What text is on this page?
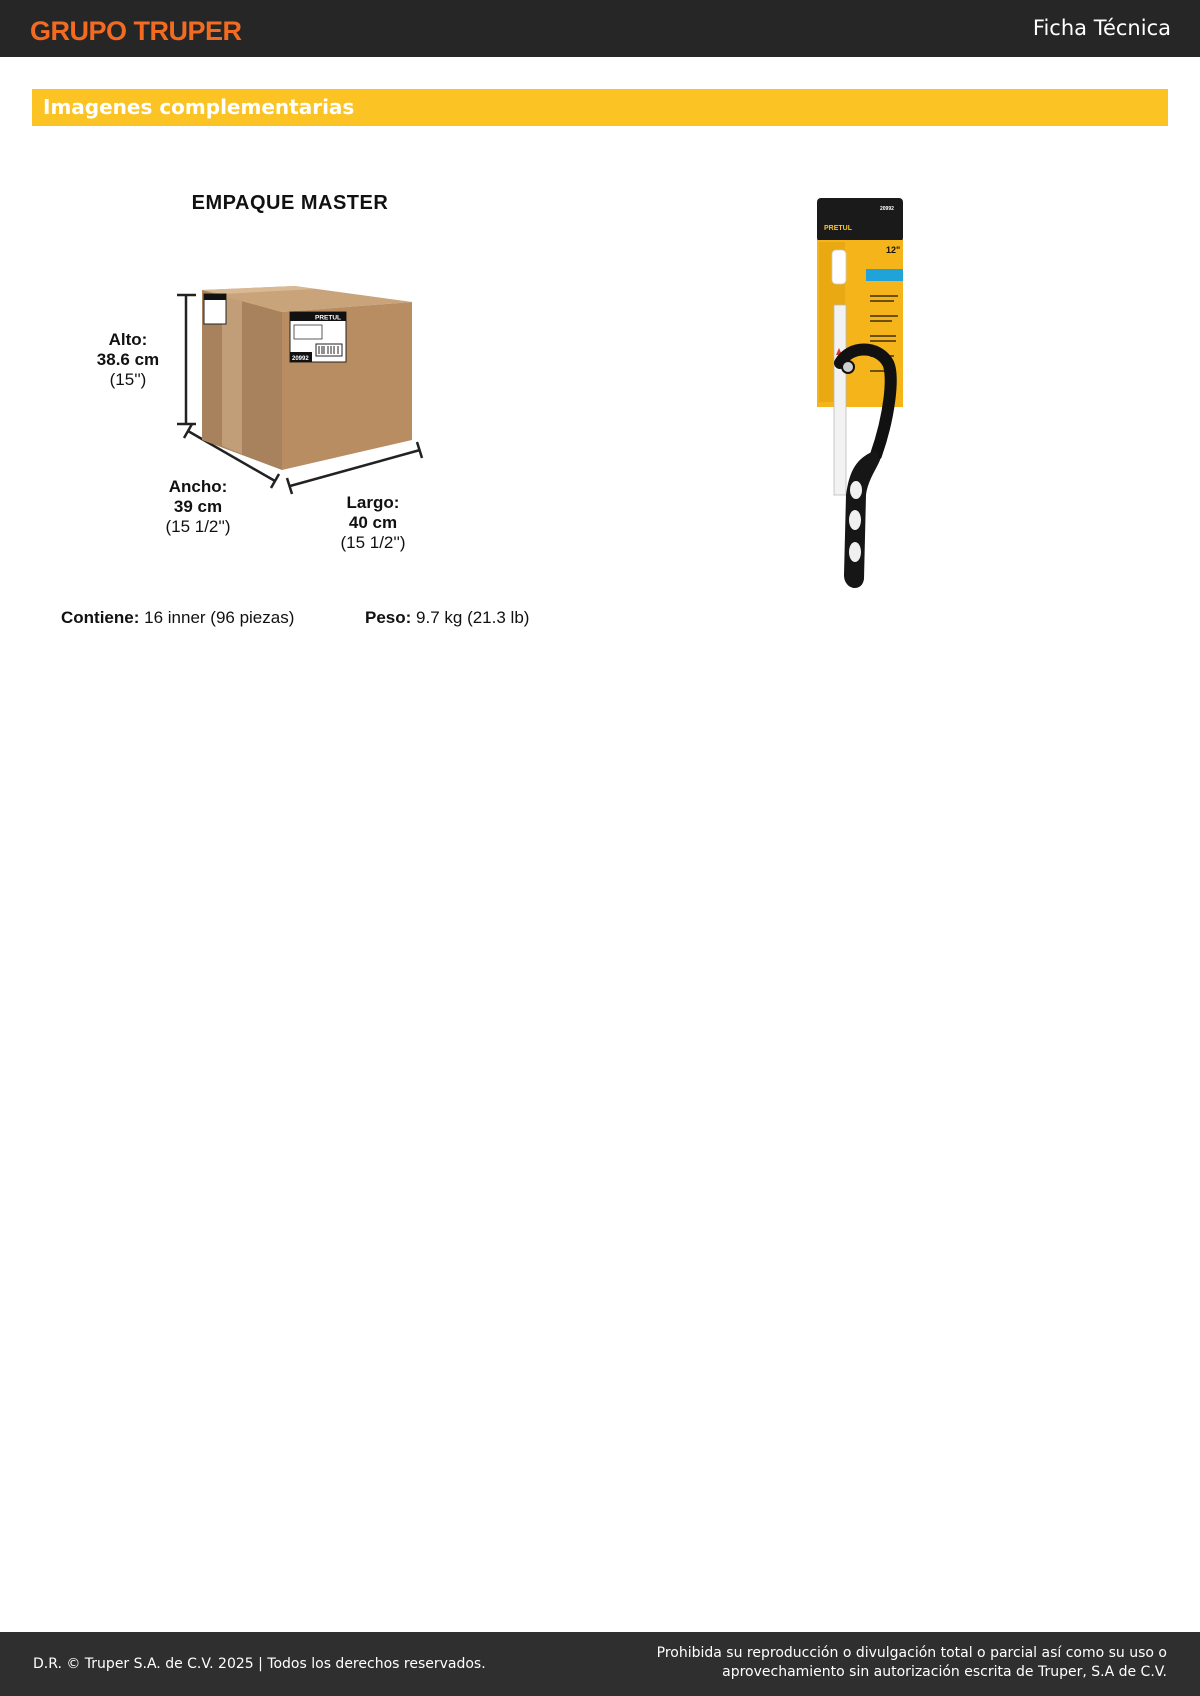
GRUPO TRUPER	Ficha Técnica
Imagenes complementarias
EMPAQUE MASTER
PRETUL
20992
Alto:
38.6 cm
(15'')
Ancho:
39 cm
(15 1/2'')
Largo:
40 cm
(15 1/2'')
Contiene: 16 inner (96 piezas)	Peso: 9.7 kg (21.3 lb)
PRETUL
20992
12"
D.R. © Truper S.A. de C.V. 2025 | Todos los derechos reservados.
Prohibida su reproducción o divulgación total o parcial así como su uso o
aprovechamiento sin autorización escrita de Truper, S.A de C.V.
